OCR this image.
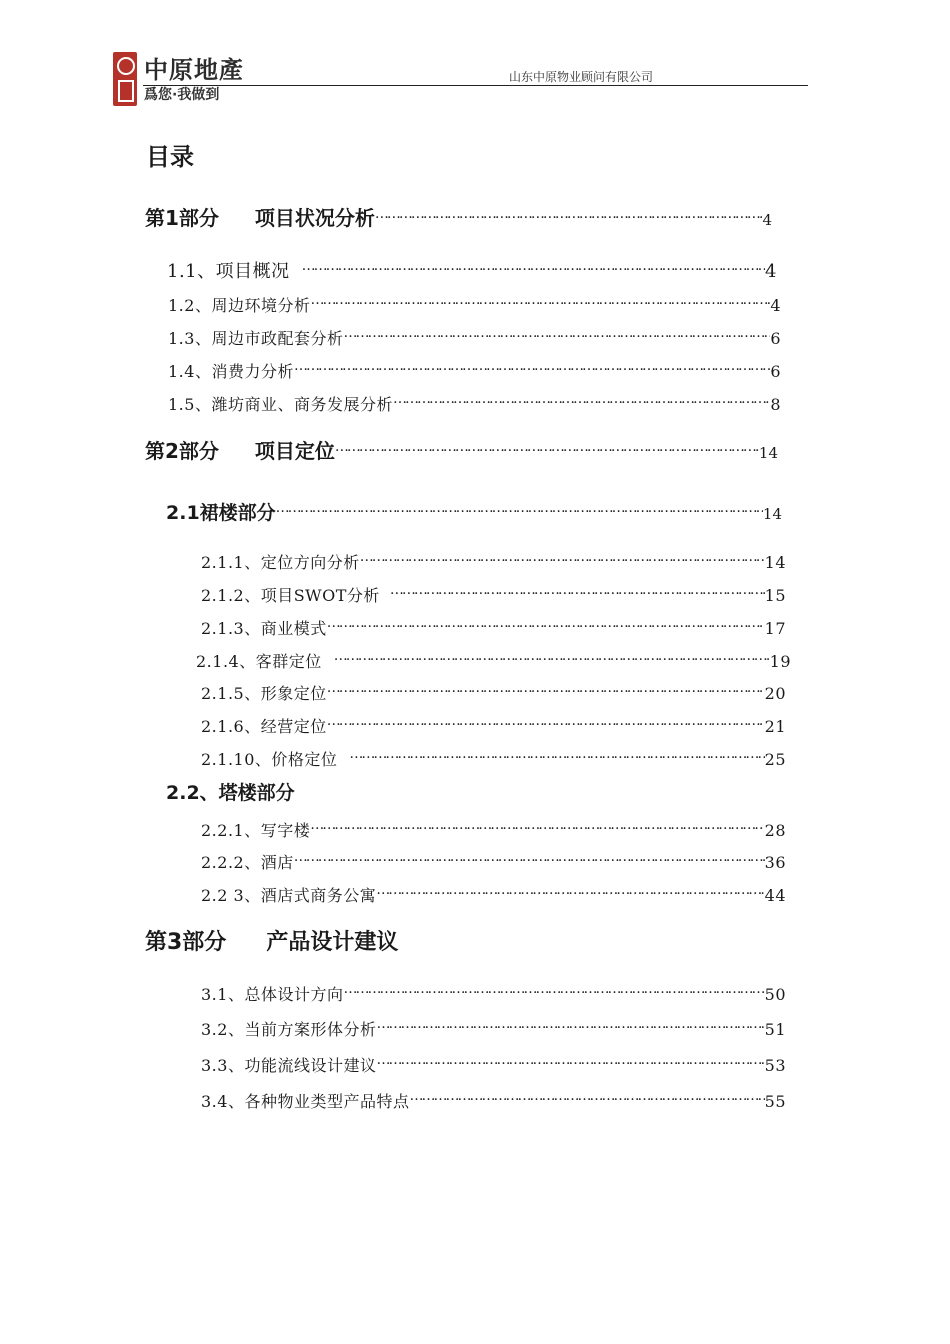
中原地產
爲您·我做到
山东中原物业顾问有限公司
目录
第1部分 项目状况分析 ……………………………………………………………………………………………………………………………………………………………………………………………………………………………………	4
1.1、项目概况 ……………………………………………………………………………………………………………………………………………………………………………………………………………………………………	4
1.2、周边环境分析 ……………………………………………………………………………………………………………………………………………………………………………………………………………………………………	4
1.3、周边市政配套分析 ……………………………………………………………………………………………………………………………………………………………………………………………………………………………………	6
1.4、消费力分析 ……………………………………………………………………………………………………………………………………………………………………………………………………………………………………	6
1.5、潍坊商业、商务发展分析 ……………………………………………………………………………………………………………………………………………………………………………………………………………………………………	8
第2部分 项目定位 ……………………………………………………………………………………………………………………………………………………………………………………………………………………………………	14
2.1裙楼部分 ……………………………………………………………………………………………………………………………………………………………………………………………………………………………………	14
2.1.1、定位方向分析 ……………………………………………………………………………………………………………………………………………………………………………………………………………………………………	14
2.1.2、项目SWOT分析 ……………………………………………………………………………………………………………………………………………………………………………………………………………………………………	15
2.1.3、商业模式 ……………………………………………………………………………………………………………………………………………………………………………………………………………………………………	17
2.1.4、客群定位 ……………………………………………………………………………………………………………………………………………………………………………………………………………………………………	19
2.1.5、形象定位 ……………………………………………………………………………………………………………………………………………………………………………………………………………………………………	20
2.1.6、经营定位 ……………………………………………………………………………………………………………………………………………………………………………………………………………………………………	21
2.1.10、价格定位 ……………………………………………………………………………………………………………………………………………………………………………………………………………………………………	25
2.2、塔楼部分
2.2.1、写字楼 ……………………………………………………………………………………………………………………………………………………………………………………………………………………………………	28
2.2.2、酒店 ……………………………………………………………………………………………………………………………………………………………………………………………………………………………………	36
2.2 3、酒店式商务公寓 ……………………………………………………………………………………………………………………………………………………………………………………………………………………………………	44
第3部分 产品设计建议
3.1、总体设计方向 ……………………………………………………………………………………………………………………………………………………………………………………………………………………………………	50
3.2、当前方案形体分析 ……………………………………………………………………………………………………………………………………………………………………………………………………………………………………	51
3.3、功能流线设计建议 ……………………………………………………………………………………………………………………………………………………………………………………………………………………………………	53
3.4、各种物业类型产品特点 ……………………………………………………………………………………………………………………………………………………………………………………………………………………………………	55
